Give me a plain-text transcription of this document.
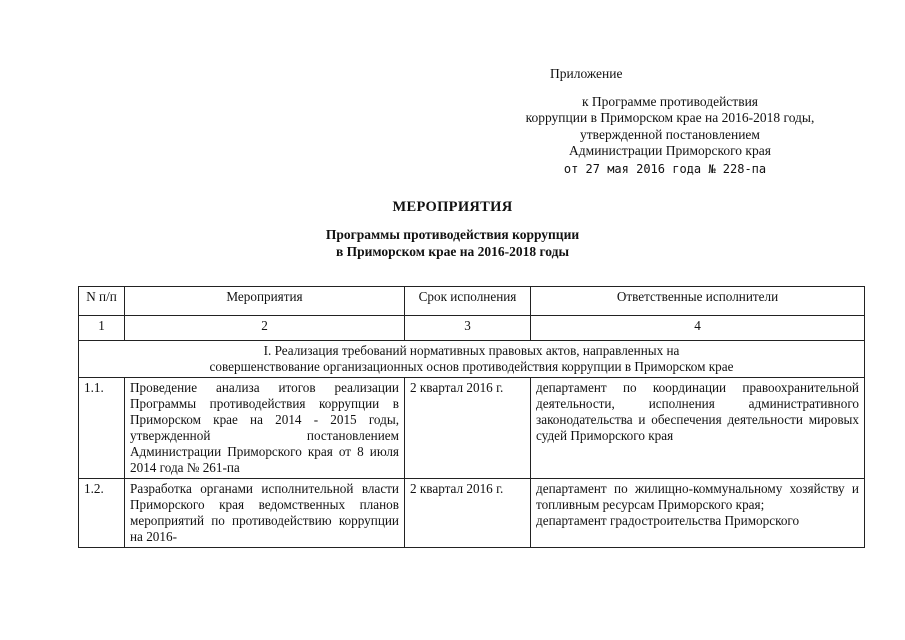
Приложение
к Программе противодействия
коррупции в Приморском крае на 2016-2018 годы,
утвержденной постановлением
Администрации Приморского края
от 27 мая 2016 года № 228-па
МЕРОПРИЯТИЯ
Программы противодействия коррупции
в Приморском крае на 2016-2018 годы
N п/п	Мероприятия	Срок исполнения	Ответственные исполнители
1	2	3	4

I. Реализация требований нормативных правовых актов, направленных на
совершенствование организационных основ противодействия коррупции в Приморском крае			

1.1.	Проведение анализа итогов реализации Программы противодействия коррупции в Приморском крае на 2014 - 2015 годы, утвержденной постановлением Администрации Приморского края от 8 июля 2014 года № 261-па	2 квартал 2016 г.	департамент по координации правоохранительной деятельности, исполнения административного законодательства и обеспечения деятельности мировых судей Приморского края
1.2.	Разработка органами исполнительной власти Приморского края ведомственных планов мероприятий по противодействию коррупции на 2016-	2 квартал 2016 г.	департамент по жилищно-коммунальному хозяйству и топливным ресурсам Приморского края;
департамент градостроительства Приморского
